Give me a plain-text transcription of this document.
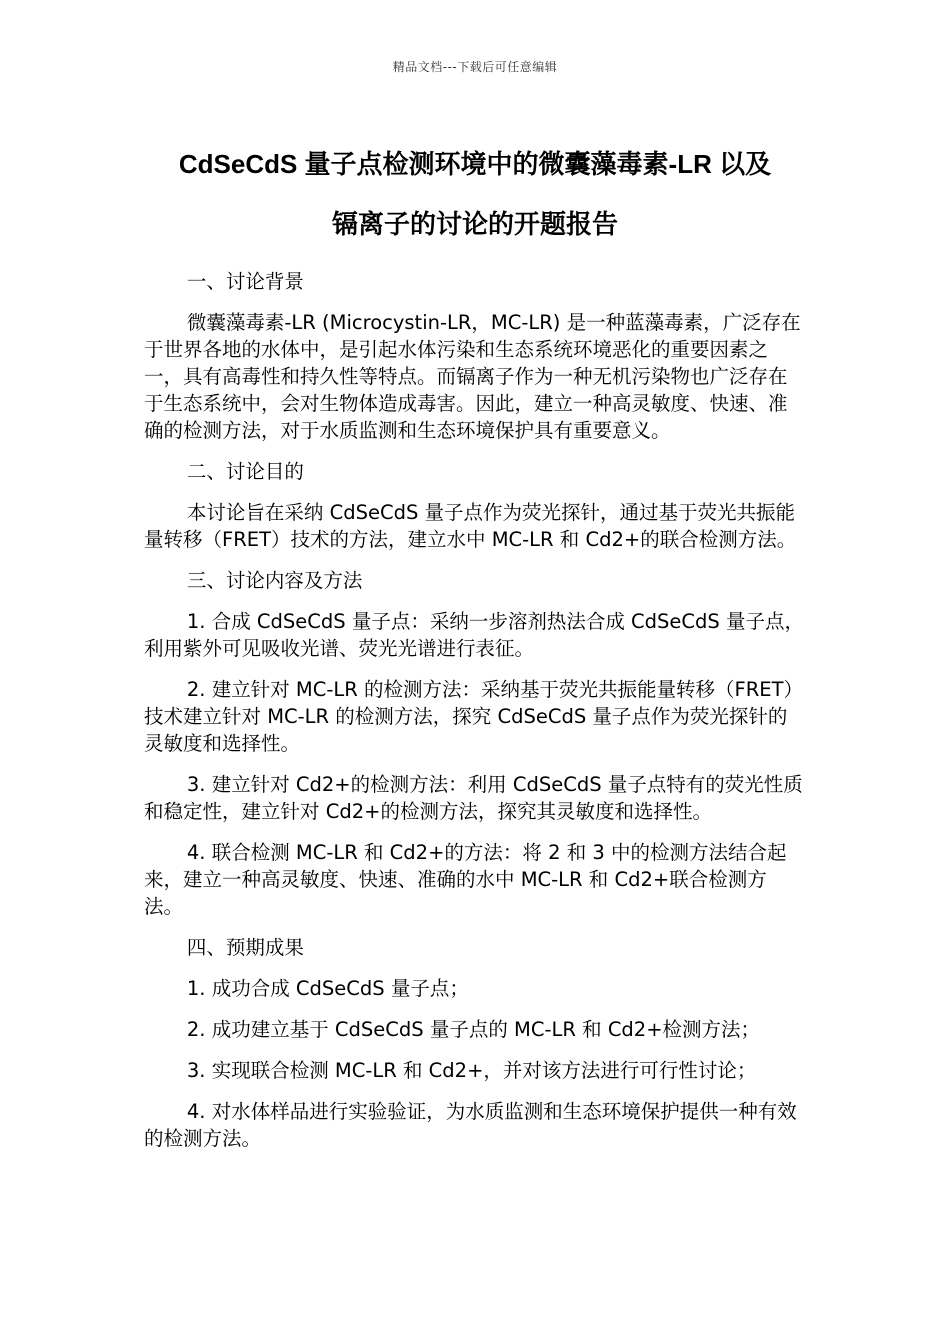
精品文档---下载后可任意编辑
CdSeCdS 量子点检测环境中的微囊藻毒素-LR 以及
镉离子的讨论的开题报告

一、讨论背景

微囊藻毒素-LR (Microcystin-LR，MC-LR) 是一种蓝藻毒素，广泛存在于世界各地的水体中，是引起水体污染和生态系统环境恶化的重要因素之一，具有高毒性和持久性等特点。而镉离子作为一种无机污染物也广泛存在于生态系统中，会对生物体造成毒害。因此，建立一种高灵敏度、快速、准确的检测方法，对于水质监测和生态环境保护具有重要意义。

二、讨论目的

本讨论旨在采纳 CdSeCdS 量子点作为荧光探针，通过基于荧光共振能量转移（FRET）技术的方法，建立水中 MC-LR 和 Cd2+的联合检测方法。

三、讨论内容及方法

1. 合成 CdSeCdS 量子点：采纳一步溶剂热法合成 CdSeCdS 量子点，利用紫外可见吸收光谱、荧光光谱进行表征。

2. 建立针对 MC-LR 的检测方法：采纳基于荧光共振能量转移（FRET）技术建立针对 MC-LR 的检测方法，探究 CdSeCdS 量子点作为荧光探针的灵敏度和选择性。

3. 建立针对 Cd2+的检测方法：利用 CdSeCdS 量子点特有的荧光性质和稳定性，建立针对 Cd2+的检测方法，探究其灵敏度和选择性。

4. 联合检测 MC-LR 和 Cd2+的方法：将 2 和 3 中的检测方法结合起来，建立一种高灵敏度、快速、准确的水中 MC-LR 和 Cd2+联合检测方法。

四、预期成果

1. 成功合成 CdSeCdS 量子点；

2. 成功建立基于 CdSeCdS 量子点的 MC-LR 和 Cd2+检测方法；

3. 实现联合检测 MC-LR 和 Cd2+，并对该方法进行可行性讨论；

4. 对水体样品进行实验验证，为水质监测和生态环境保护提供一种有效的检测方法。
